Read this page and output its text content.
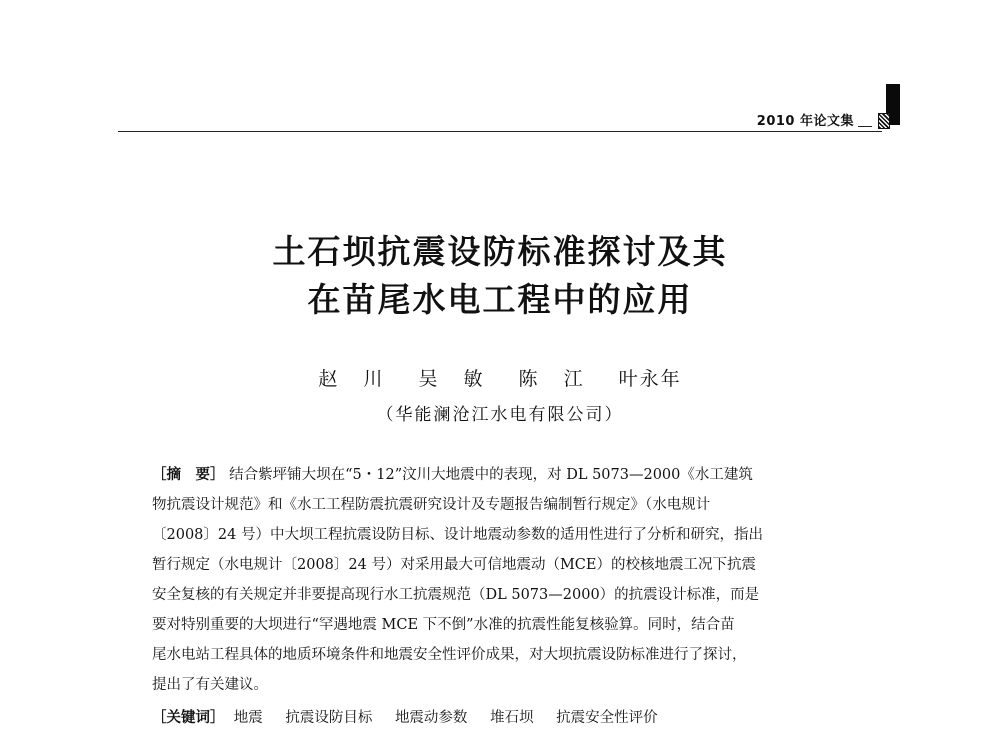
2010 年论文集
土石坝抗震设防标准探讨及其
在苗尾水电工程中的应用
赵 川 吴 敏 陈 江 叶永年
（华能澜沧江水电有限公司）
［摘　要］ 结合紫坪铺大坝在“5・12”汶川大地震中的表现，对 DL 5073—2000《水工建筑
物抗震设计规范》和《水工工程防震抗震研究设计及专题报告编制暂行规定》（水电规计
〔2008〕24 号）中大坝工程抗震设防目标、设计地震动参数的适用性进行了分析和研究，指出
暂行规定（水电规计〔2008〕24 号）对采用最大可信地震动（MCE）的校核地震工况下抗震
安全复核的有关规定并非要提高现行水工抗震规范（DL 5073—2000）的抗震设计标准，而是
要对特别重要的大坝进行“罕遇地震 MCE 下不倒”水准的抗震性能复核验算。同时，结合苗
尾水电站工程具体的地质环境条件和地震安全性评价成果，对大坝抗震设防标准进行了探讨，
提出了有关建议。
［关键词］ 地震 抗震设防目标 地震动参数 堆石坝 抗震安全性评价
